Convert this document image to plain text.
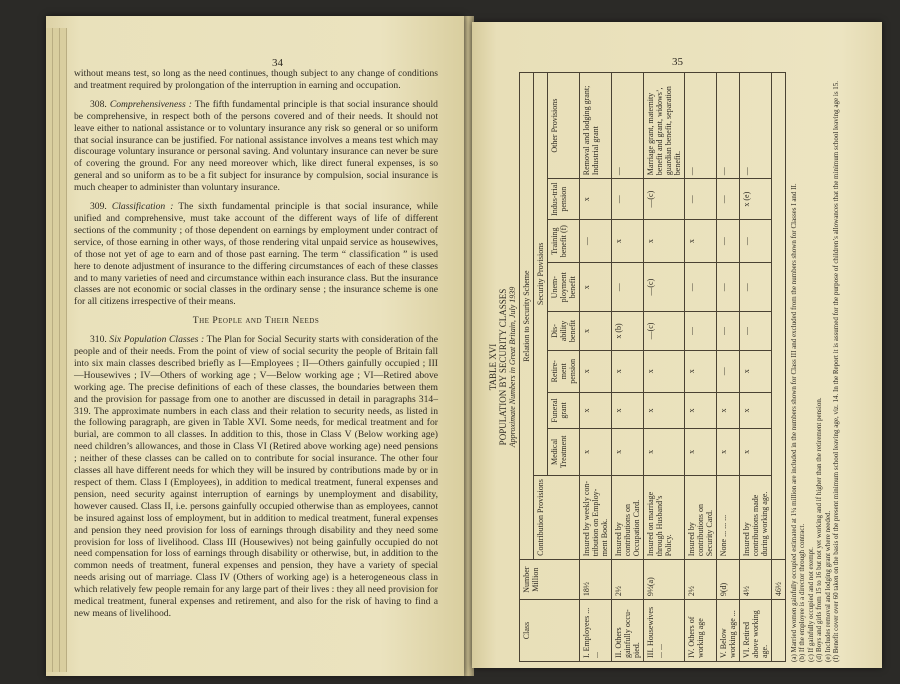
34

without means test, so long as the need continues, though subject to any change of conditions and treatment required by prolongation of the interruption in earning and occupation.

308. Comprehensiveness : The fifth fundamental principle is that social insurance should be comprehensive, in respect both of the persons covered and of their needs. It should not leave either to national assistance or to voluntary insurance any risk so general or so uniform that social insurance can be justified. For national assistance involves a means test which may discourage voluntary insurance or personal saving. And voluntary insurance can never be sure of covering the ground. For any need moreover which, like direct funeral expenses, is so general and so uniform as to be a fit subject for insurance by compulsion, social insurance is much cheaper to administer than voluntary insurance.

309. Classification : The sixth fundamental principle is that social insurance, while unified and comprehensive, must take account of the different ways of life of different sections of the community ; of those dependent on earnings by employment under contract of service, of those earning in other ways, of those rendering vital unpaid service as housewives, of those not yet of age to earn and of those past earning. The term “ classification ” is used here to denote adjustment of insurance to the differing circumstances of each of these classes and to many varieties of need and circumstance within each insurance class. But the insurance classes are not economic or social classes in the ordinary sense ; the insurance scheme is one for all citizens irrespective of their means.

The People and Their Needs

310. Six Population Classes : The Plan for Social Security starts with consideration of the people and of their needs. From the point of view of social security the people of Britain fall into six main classes described briefly as I—Employees ; II—Others gainfully occupied ; III—Housewives ; IV—Others of working age ; V—Below working age ; VI—Retired above working age. The precise definitions of each of these classes, the boundaries between them and the provision for passage from one to another are discussed in detail in paragraphs 314–319. The approximate numbers in each class and their relation to security needs, as listed in the following paragraph, are given in Table XVI. Some needs, for medical treatment and for burial, are common to all classes. In addition to this, those in Class V (Below working age) need children’s allowances, and those in Class VI (Retired above working age) need pensions ; neither of these classes can be called on to contribute for social insurance. The other four classes all have different needs for which they will be insured by contributions made by or in respect of them. Class I (Employees), in addition to medical treatment, funeral expenses and pension, need security against interruption of earnings by unemployment and disability, however caused. Class II, i.e. persons gainfully occupied otherwise than as employees, cannot be insured against loss of employment, but in addition to medical treatment, funeral expenses and pension they need provision for loss of earnings through disability and they need some provision for loss of livelihood. Class III (Housewives) not being gainfully occupied do not need compensation for loss of earnings through disability or otherwise, but, in addition to the common needs of treatment, funeral expenses and pension, they have a variety of special needs arising out of marriage. Class IV (Others of working age) is a heterogeneous class in which relatively few people remain for any large part of their lives : they all need provision for medical treatment, funeral expenses and retirement, and also for the risk of having to find a new means of livelihood.

35
TABLE XVI POPULATION BY SECURITY CLASSES Approximate Numbers in Great Britain, July 1939
Class	Number Million	Relation to Security Scheme								
		Contribution Provisions	Security Provisions							
			Medical Treatment	Funeral grant	Retire-ment pension	Dis-ability benefit	Unem-ployment benefit	Training benefit (f)	Indus-trial pension	Other Provisions
I. Employees ... ...	18½	Insured by weekly con-tribution on Employ-ment Book.	x	x	x	x	x	—	x	Removal and lodging grant; Industrial grant
II. Others gainfully occu-pied.	2½	Insured by contributions on Occupation Card.	x	x	x	x (b)	—	x	—	—
III. Housewives ... ...	9½(a)	Insured on marriage through Husband’s Policy.	x	x	x	—(c)	—(c)	x	—(c)	Marriage grant, maternity benefit and grant, widows’, guardian benefit, separation benefit.
IV. Others of working age	2½	Insured by contributions on Security Card.	x	x	x	—	—	x	—	—
V. Below working age ...	9(d)	None ... ... ...	x	x	—	—	—	—	—	—
VI. Retired above working age.	4½	Insured by contributions made during working age.	x	x	x	—	—	—	x (e)	—
	46½									(a) Married women gainfully occupied estimated at 1¼ million are included in the numbers shown for Class III and excluded from the numbers shown for Classes I and II. (b) If the employee is a director through contract. (c) If gainfully occupied and not exempt. (d) Boys and girls from 15 to 16 but not yet working and if higher than the retirement pension. (e) Includes removal and lodging grant where needed. (f) Benefit cover over 60 taken on the basis of the present minimum school leaving age, viz. 14. In the Report it is assumed for the purpose of children’s allowances that the minimum school leaving age is 15.
